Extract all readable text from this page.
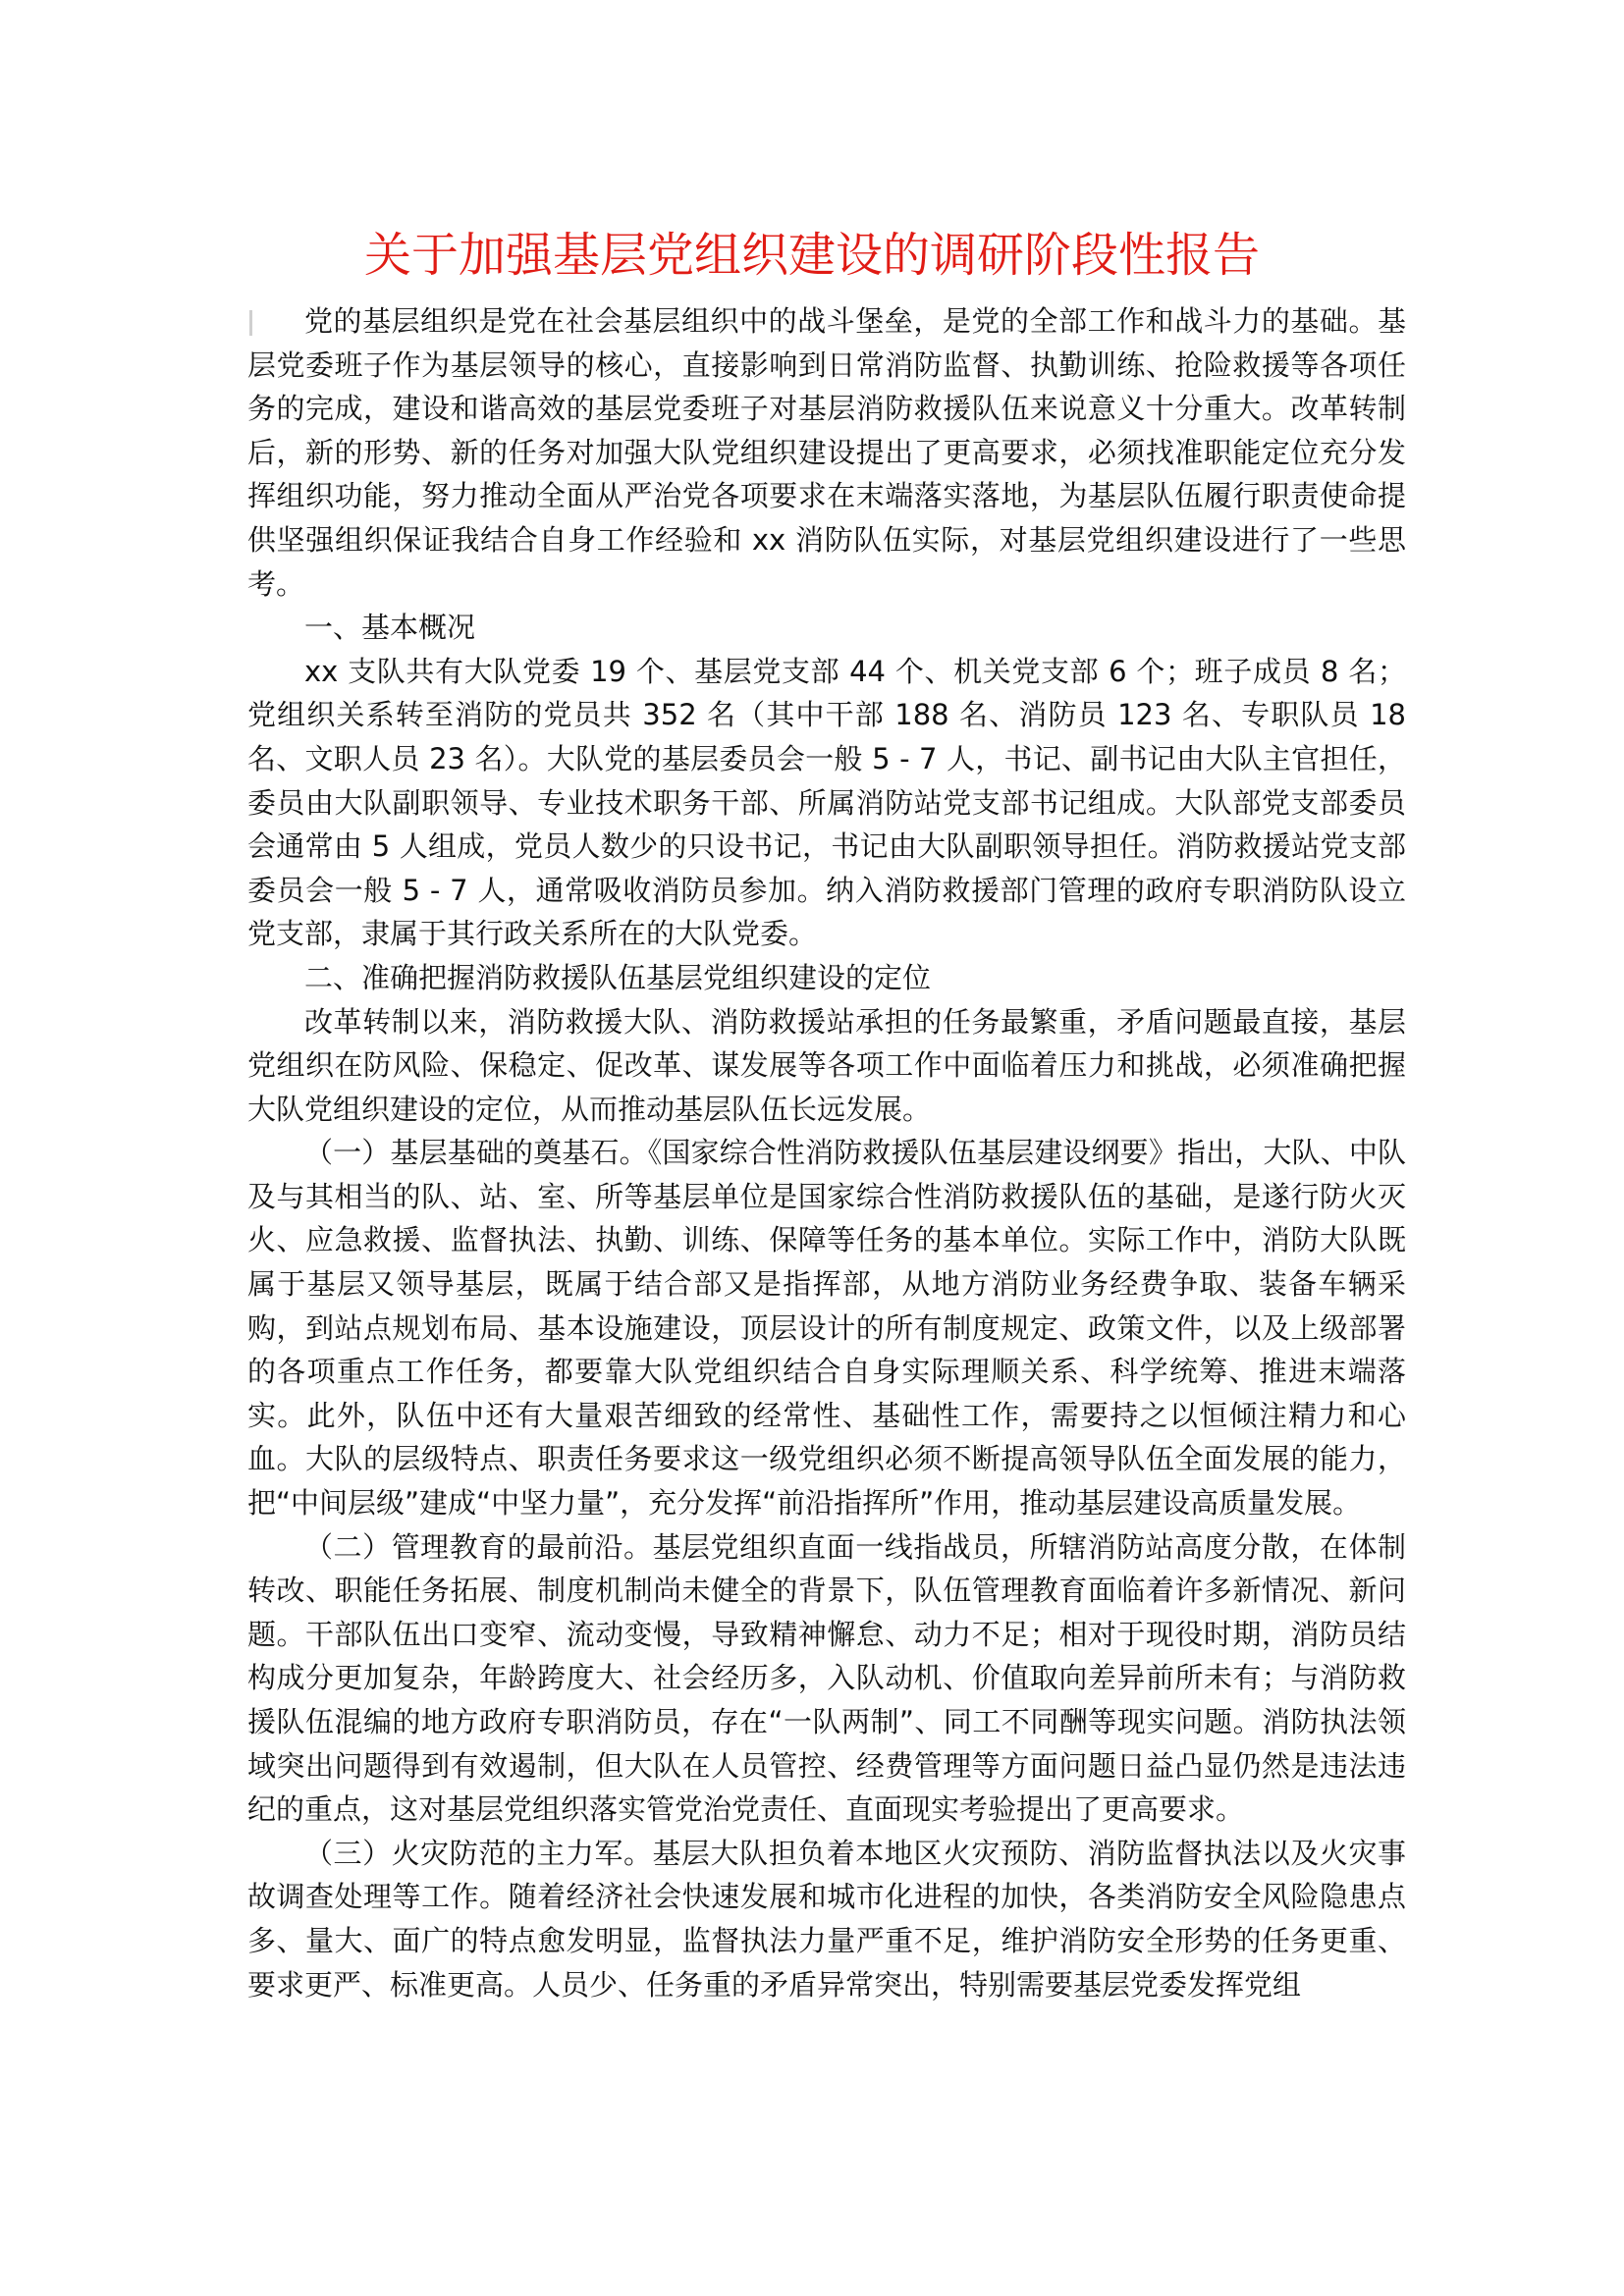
关于加强基层党组织建设的调研阶段性报告

党的基层组织是党在社会基层组织中的战斗堡垒，是党的全部工作和战斗力的基础。基层党委班子作为基层领导的核心，直接影响到日常消防监督、执勤训练、抢险救援等各项任务的完成，建设和谐高效的基层党委班子对基层消防救援队伍来说意义十分重大。改革转制后，新的形势、新的任务对加强大队党组织建设提出了更高要求，必须找准职能定位充分发挥组织功能，努力推动全面从严治党各项要求在末端落实落地，为基层队伍履行职责使命提供坚强组织保证我结合自身工作经验和 xx 消防队伍实际，对基层党组织建设进行了一些思考。

一、基本概况

xx 支队共有大队党委 19 个、基层党支部 44 个、机关党支部 6 个；班子成员 8 名；党组织关系转至消防的党员共 352 名（其中干部 188 名、消防员 123 名、专职队员 18 名、文职人员 23 名）。大队党的基层委员会一般 5 - 7 人，书记、副书记由大队主官担任，委员由大队副职领导、专业技术职务干部、所属消防站党支部书记组成。大队部党支部委员会通常由 5 人组成，党员人数少的只设书记，书记由大队副职领导担任。消防救援站党支部委员会一般 5 - 7 人，通常吸收消防员参加。纳入消防救援部门管理的政府专职消防队设立党支部，隶属于其行政关系所在的大队党委。

二、准确把握消防救援队伍基层党组织建设的定位

改革转制以来，消防救援大队、消防救援站承担的任务最繁重，矛盾问题最直接，基层党组织在防风险、保稳定、促改革、谋发展等各项工作中面临着压力和挑战，必须准确把握大队党组织建设的定位，从而推动基层队伍长远发展。

（一）基层基础的奠基石。《国家综合性消防救援队伍基层建设纲要》指出，大队、中队及与其相当的队、站、室、所等基层单位是国家综合性消防救援队伍的基础，是遂行防火灭火、应急救援、监督执法、执勤、训练、保障等任务的基本单位。实际工作中，消防大队既属于基层又领导基层，既属于结合部又是指挥部，从地方消防业务经费争取、装备车辆采购，到站点规划布局、基本设施建设，顶层设计的所有制度规定、政策文件，以及上级部署的各项重点工作任务，都要靠大队党组织结合自身实际理顺关系、科学统筹、推进末端落实。此外，队伍中还有大量艰苦细致的经常性、基础性工作，需要持之以恒倾注精力和心血。大队的层级特点、职责任务要求这一级党组织必须不断提高领导队伍全面发展的能力，把“中间层级”建成“中坚力量”，充分发挥“前沿指挥所”作用，推动基层建设高质量发展。

（二）管理教育的最前沿。基层党组织直面一线指战员，所辖消防站高度分散，在体制转改、职能任务拓展、制度机制尚未健全的背景下，队伍管理教育面临着许多新情况、新问题。干部队伍出口变窄、流动变慢，导致精神懈怠、动力不足；相对于现役时期，消防员结构成分更加复杂，年龄跨度大、社会经历多，入队动机、价值取向差异前所未有；与消防救援队伍混编的地方政府专职消防员，存在“一队两制”、同工不同酬等现实问题。消防执法领域突出问题得到有效遏制，但大队在人员管控、经费管理等方面问题日益凸显仍然是违法违纪的重点，这对基层党组织落实管党治党责任、直面现实考验提出了更高要求。

（三）火灾防范的主力军。基层大队担负着本地区火灾预防、消防监督执法以及火灾事故调查处理等工作。随着经济社会快速发展和城市化进程的加快，各类消防安全风险隐患点多、量大、面广的特点愈发明显，监督执法力量严重不足，维护消防安全形势的任务更重、要求更严、标准更高。人员少、任务重的矛盾异常突出，特别需要基层党委发挥党组
